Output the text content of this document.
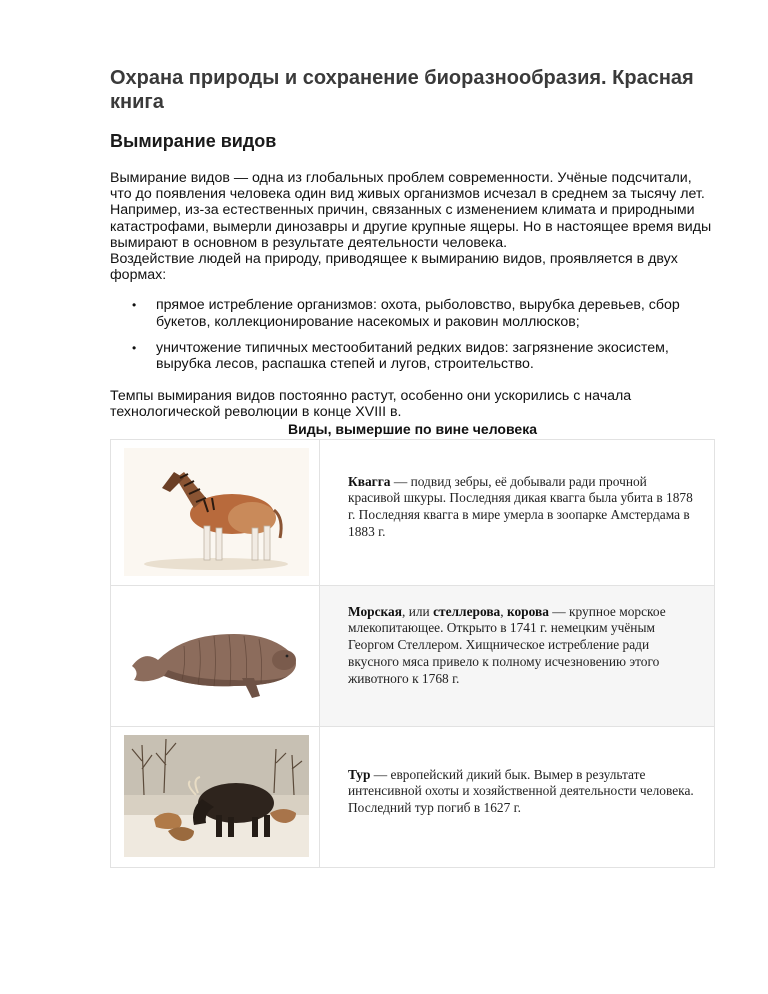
Охрана природы и сохранение биоразнообразия. Красная книга
Вымирание видов

Вымирание видов — одна из глобальных проблем современности. Учёные подсчитали, что до появления человека один вид живых организмов исчезал в среднем за тысячу лет. Например, из-за естественных причин, связанных с изменением климата и природными катастрофами, вымерли динозавры и другие крупные ящеры. Но в настоящее время виды вымирают в основном в результате деятельности человека.

Воздействие людей на природу, приводящее к вымиранию видов, проявляется в двух формах:

• прямое истребление организмов: охота, рыболовство, вырубка деревьев, сбор букетов, коллекционирование насекомых и раковин моллюсков;
• уничтожение типичных местообитаний редких видов: загрязнение экосистем, вырубка лесов, распашка степей и лугов, строительство.

Темпы вымирания видов постоянно растут, особенно они ускорились с начала технологической революции в конце XVIII в.

Виды, вымершие по вине человека
Квагга — подвид зебры, её добывали ради прочной красивой шкуры. Последняя дикая квагга была убита в 1878 г. Последняя квагга в мире умерла в зоопарке Амстердама в 1883 г.
Морская, или стеллерова, корова — крупное морское млекопитающее. Открыто в 1741 г. немецким учёным Георгом Стеллером. Хищническое истребление ради вкусного мяса привело к полному исчезновению этого животного к 1768 г.
Тур — европейский дикий бык. Вымер в результате интенсивной охоты и хозяйственной деятельности человека. Последний тур погиб в 1627 г.
